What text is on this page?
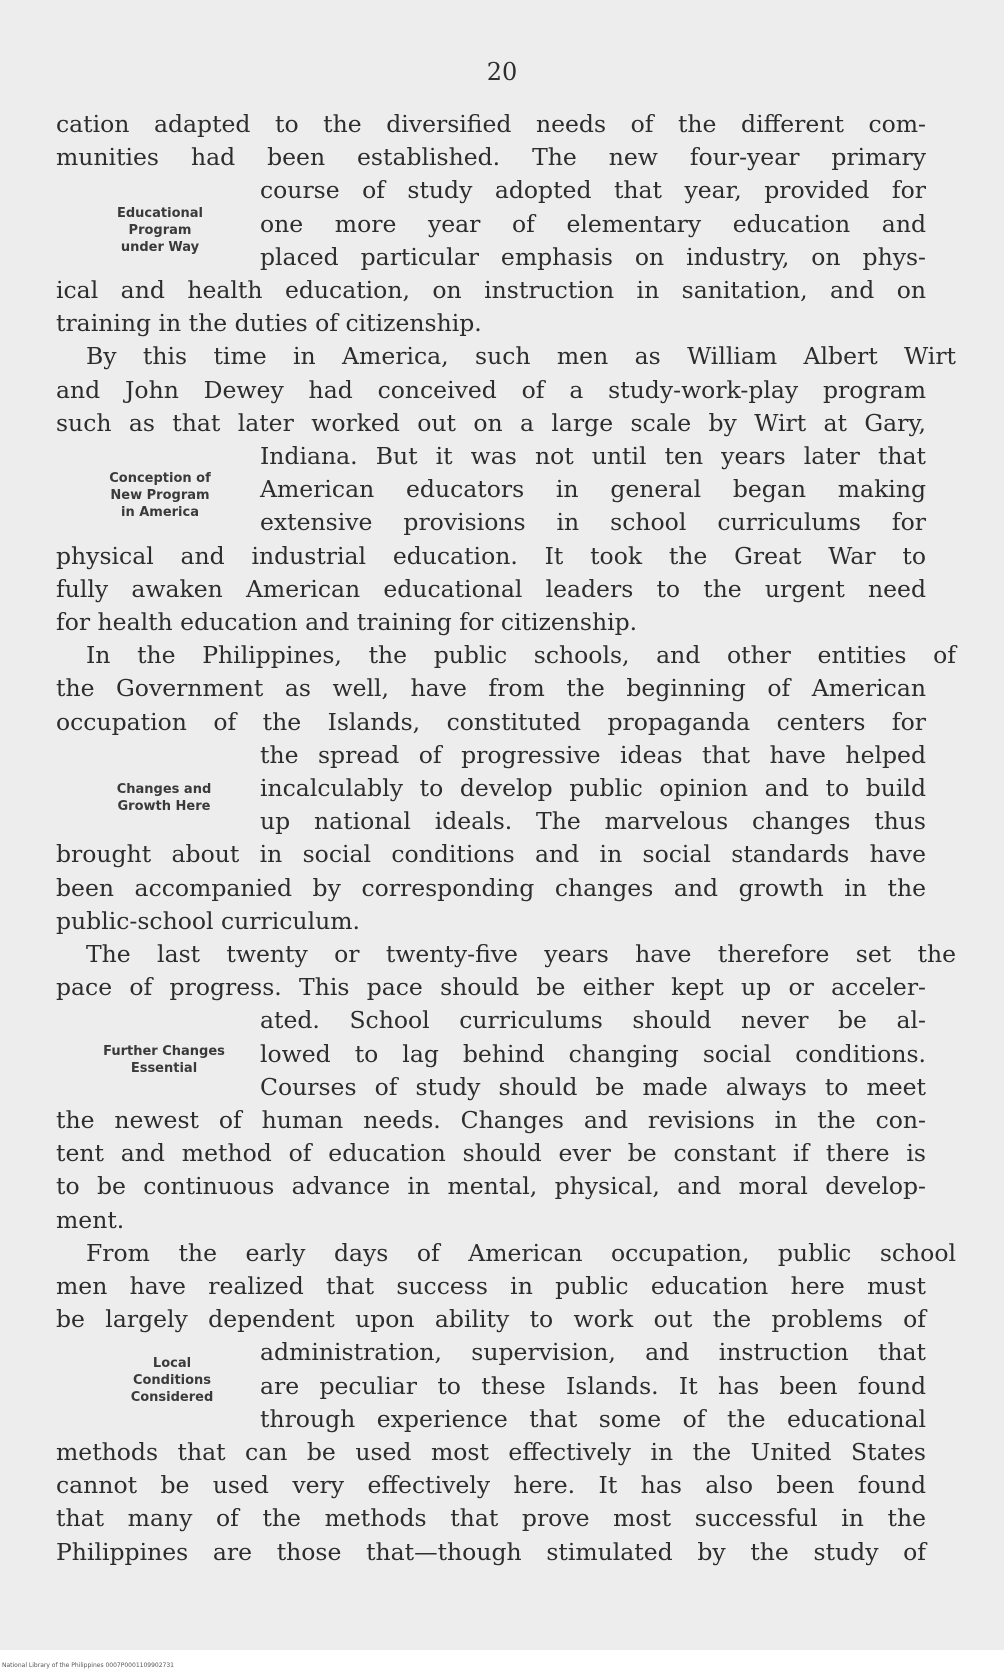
20
cation adapted to the diversified needs of the different com-
munities had been established. The new four-year primary
course of study adopted that year, provided for
one more year of elementary education and
placed particular emphasis on industry, on phys-
ical and health education, on instruction in sanitation, and on
training in the duties of citizenship.
By this time in America, such men as William Albert Wirt
and John Dewey had conceived of a study-work-play program
such as that later worked out on a large scale by Wirt at Gary,
Indiana. But it was not until ten years later that
American educators in general began making
extensive provisions in school curriculums for
physical and industrial education. It took the Great War to
fully awaken American educational leaders to the urgent need
for health education and training for citizenship.
In the Philippines, the public schools, and other entities of
the Government as well, have from the beginning of American
occupation of the Islands, constituted propaganda centers for
the spread of progressive ideas that have helped
incalculably to develop public opinion and to build
up national ideals. The marvelous changes thus
brought about in social conditions and in social standards have
been accompanied by corresponding changes and growth in the
public-school curriculum.
The last twenty or twenty-five years have therefore set the
pace of progress. This pace should be either kept up or acceler-
ated. School curriculums should never be al-
lowed to lag behind changing social conditions.
Courses of study should be made always to meet
the newest of human needs. Changes and revisions in the con-
tent and method of education should ever be constant if there is
to be continuous advance in mental, physical, and moral develop-
ment.
From the early days of American occupation, public school
men have realized that success in public education here must
be largely dependent upon ability to work out the problems of
administration, supervision, and instruction that
are peculiar to these Islands. It has been found
through experience that some of the educational
methods that can be used most effectively in the United States
cannot be used very effectively here. It has also been found
that many of the methods that prove most successful in the
Philippines are those that—though stimulated by the study of
Educational
Program
under Way
Conception of
New Program
in America
Changes and
Growth Here
Further Changes
Essential
Local
Conditions
Considered
National Library of the Philippines 0007P0001109902731
